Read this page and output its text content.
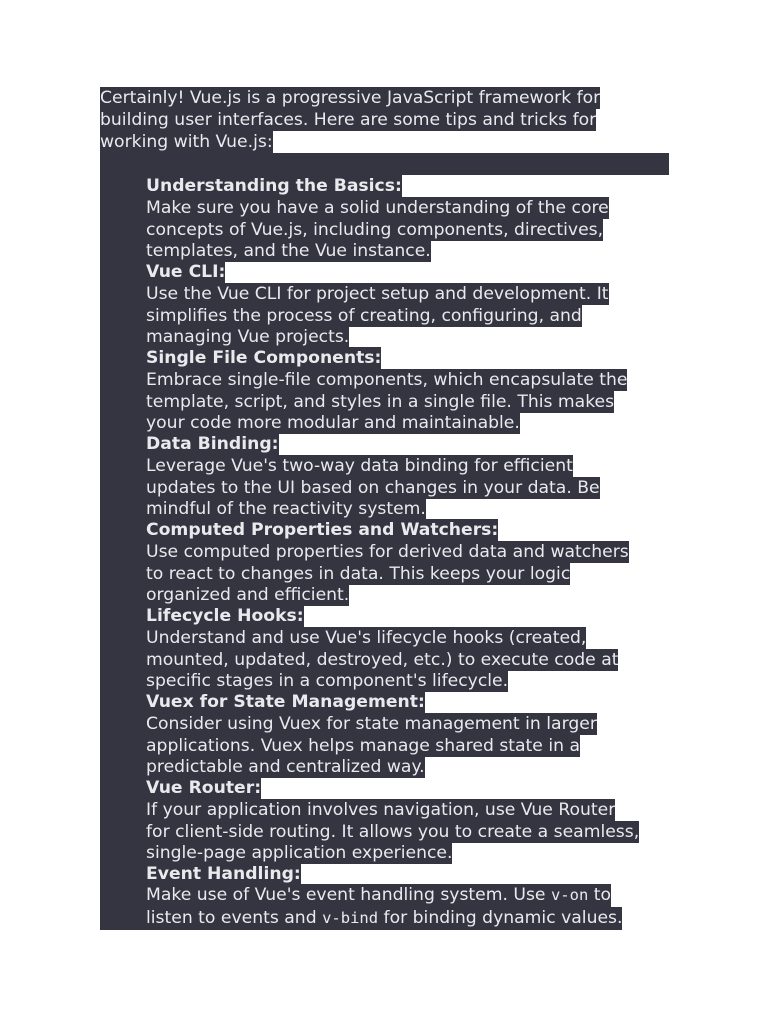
Certainly! Vue.js is a progressive JavaScript framework for
building user interfaces. Here are some tips and tricks for
working with Vue.js:
Understanding the Basics:
Make sure you have a solid understanding of the core
concepts of Vue.js, including components, directives,
templates, and the Vue instance.
Vue CLI:
Use the Vue CLI for project setup and development. It
simplifies the process of creating, configuring, and
managing Vue projects.
Single File Components:
Embrace single-file components, which encapsulate the
template, script, and styles in a single file. This makes
your code more modular and maintainable.
Data Binding:
Leverage Vue's two-way data binding for efficient
updates to the UI based on changes in your data. Be
mindful of the reactivity system.
Computed Properties and Watchers:
Use computed properties for derived data and watchers
to react to changes in data. This keeps your logic
organized and efficient.
Lifecycle Hooks:
Understand and use Vue's lifecycle hooks (created,
mounted, updated, destroyed, etc.) to execute code at
specific stages in a component's lifecycle.
Vuex for State Management:
Consider using Vuex for state management in larger
applications. Vuex helps manage shared state in a
predictable and centralized way.
Vue Router:
If your application involves navigation, use Vue Router
for client-side routing. It allows you to create a seamless,
single-page application experience.
Event Handling:
Make use of Vue's event handling system. Use v-on to
listen to events and v-bind for binding dynamic values.
